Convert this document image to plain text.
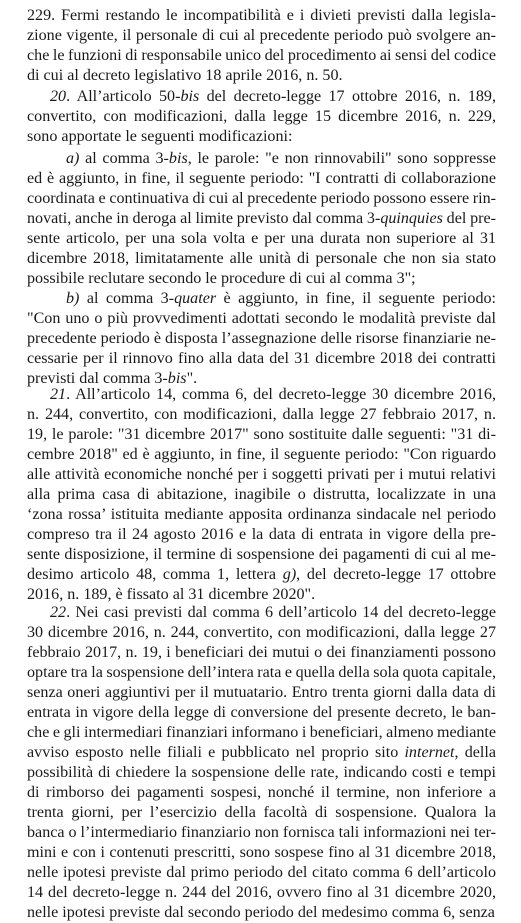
229. Fermi restando le incompatibilità e i divieti previsti dalla legisla-
zione vigente, il personale di cui al precedente periodo può svolgere an-
che le funzioni di responsabile unico del procedimento ai sensi del codice
di cui al decreto legislativo 18 aprile 2016, n. 50.
20. All’articolo 50-bis del decreto-legge 17 ottobre 2016, n. 189,
convertito, con modificazioni, dalla legge 15 dicembre 2016, n. 229,
sono apportate le seguenti modificazioni:
a) al comma 3-bis, le parole: "e non rinnovabili" sono soppresse
ed è aggiunto, in fine, il seguente periodo: "I contratti di collaborazione
coordinata e continuativa di cui al precedente periodo possono essere rin-
novati, anche in deroga al limite previsto dal comma 3-quinquies del pre-
sente articolo, per una sola volta e per una durata non superiore al 31
dicembre 2018, limitatamente alle unità di personale che non sia stato
possibile reclutare secondo le procedure di cui al comma 3";
b) al comma 3-quater è aggiunto, in fine, il seguente periodo:
"Con uno o più provvedimenti adottati secondo le modalità previste dal
precedente periodo è disposta l’assegnazione delle risorse finanziarie ne-
cessarie per il rinnovo fino alla data del 31 dicembre 2018 dei contratti
previsti dal comma 3-bis".
21. All’articolo 14, comma 6, del decreto-legge 30 dicembre 2016,
n. 244, convertito, con modificazioni, dalla legge 27 febbraio 2017, n.
19, le parole: "31 dicembre 2017" sono sostituite dalle seguenti: "31 di-
cembre 2018" ed è aggiunto, in fine, il seguente periodo: "Con riguardo
alle attività economiche nonché per i soggetti privati per i mutui relativi
alla prima casa di abitazione, inagibile o distrutta, localizzate in una
‘zona rossa’ istituita mediante apposita ordinanza sindacale nel periodo
compreso tra il 24 agosto 2016 e la data di entrata in vigore della pre-
sente disposizione, il termine di sospensione dei pagamenti di cui al me-
desimo articolo 48, comma 1, lettera g), del decreto-legge 17 ottobre
2016, n. 189, è fissato al 31 dicembre 2020".
22. Nei casi previsti dal comma 6 dell’articolo 14 del decreto-legge
30 dicembre 2016, n. 244, convertito, con modificazioni, dalla legge 27
febbraio 2017, n. 19, i beneficiari dei mutui o dei finanziamenti possono
optare tra la sospensione dell’intera rata e quella della sola quota capitale,
senza oneri aggiuntivi per il mutuatario. Entro trenta giorni dalla data di
entrata in vigore della legge di conversione del presente decreto, le ban-
che e gli intermediari finanziari informano i beneficiari, almeno mediante
avviso esposto nelle filiali e pubblicato nel proprio sito internet, della
possibilità di chiedere la sospensione delle rate, indicando costi e tempi
di rimborso dei pagamenti sospesi, nonché il termine, non inferiore a
trenta giorni, per l’esercizio della facoltà di sospensione. Qualora la
banca o l’intermediario finanziario non fornisca tali informazioni nei ter-
mini e con i contenuti prescritti, sono sospese fino al 31 dicembre 2018,
nelle ipotesi previste dal primo periodo del citato comma 6 dell’articolo
14 del decreto-legge n. 244 del 2016, ovvero fino al 31 dicembre 2020,
nelle ipotesi previste dal secondo periodo del medesimo comma 6, senza
